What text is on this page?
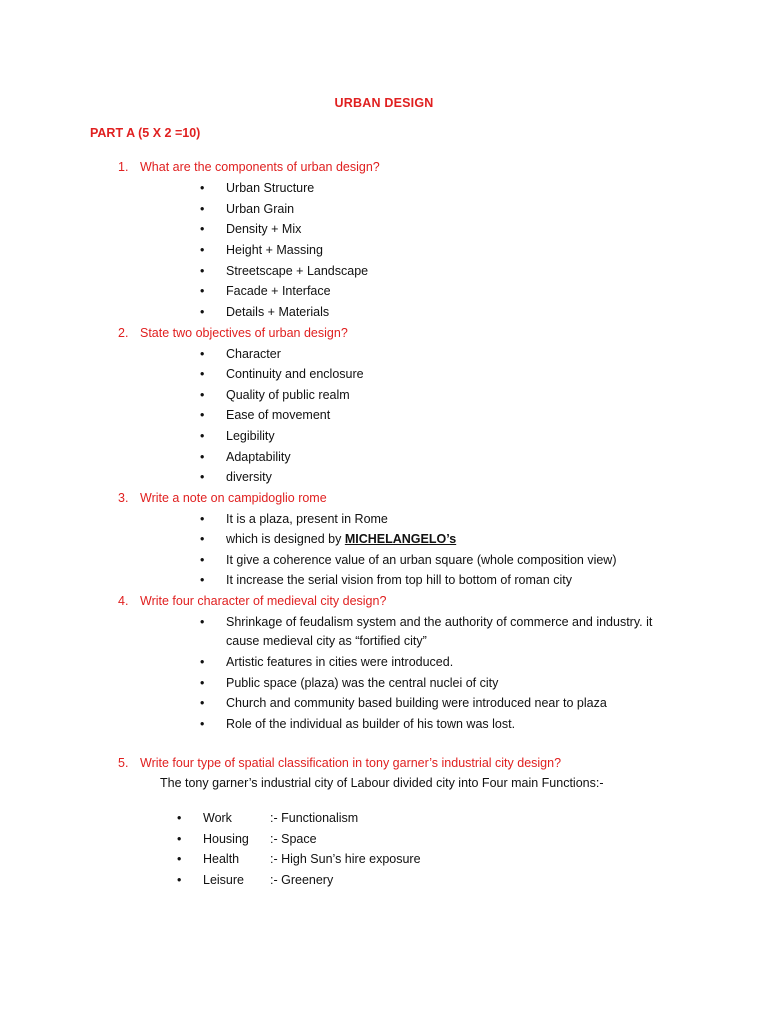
URBAN DESIGN
PART A (5 X 2 =10)
1. What are the components of urban design?
• Urban Structure
• Urban Grain
• Density + Mix
• Height + Massing
• Streetscape + Landscape
• Facade + Interface
• Details + Materials
2. State two objectives of urban design?
• Character
• Continuity and enclosure
• Quality of public realm
• Ease of movement
• Legibility
• Adaptability
• diversity
3. Write a note on campidoglio rome
• It is a plaza, present in Rome
• which is designed by MICHELANGELO’s
• It give a coherence value of an urban square (whole composition view)
• It increase the serial vision from top hill to bottom of roman city
4. Write four character of medieval city design?
• Shrinkage of feudalism system and the authority of commerce and industry. it
cause medieval city as “fortified city”
• Artistic features in cities were introduced.
• Public space (plaza) was the central nuclei of city
• Church and community based building were introduced near to plaza
• Role of the individual as builder of his town was lost.
5. Write four type of spatial classification in tony garner’s industrial city design?
The tony garner’s industrial city of Labour divided city into Four main Functions:-
• Work	:- Functionalism
• Housing :- Space
• Health :- High Sun’s hire exposure
• Leisure :- Greenery
